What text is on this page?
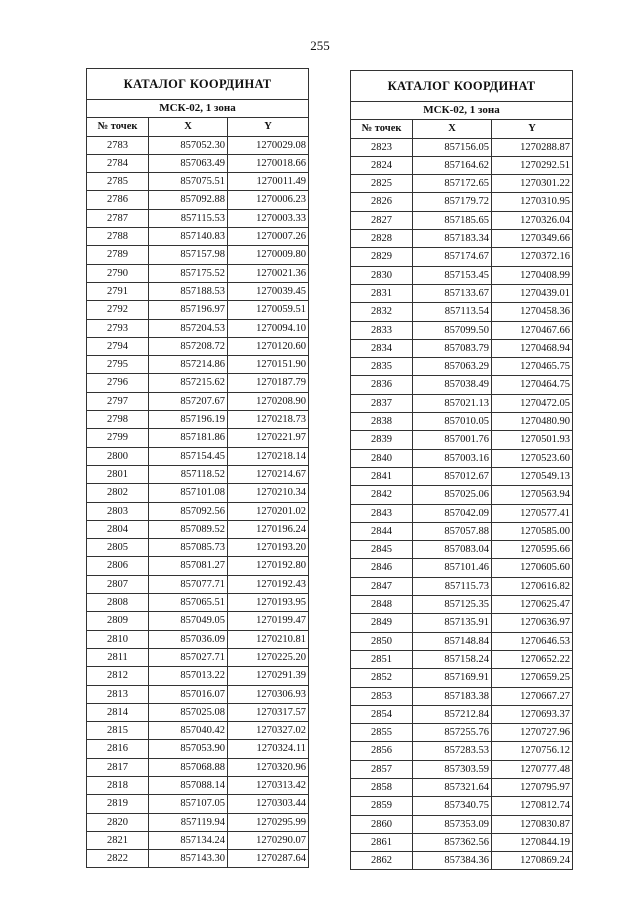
255
КАТАЛОГ КООРДИНАТ		
МСК-02, 1 зона		
№ точек	X	Y
2783	857052.30	1270029.08
2784	857063.49	1270018.66
2785	857075.51	1270011.49
2786	857092.88	1270006.23
2787	857115.53	1270003.33
2788	857140.83	1270007.26
2789	857157.98	1270009.80
2790	857175.52	1270021.36
2791	857188.53	1270039.45
2792	857196.97	1270059.51
2793	857204.53	1270094.10
2794	857208.72	1270120.60
2795	857214.86	1270151.90
2796	857215.62	1270187.79
2797	857207.67	1270208.90
2798	857196.19	1270218.73
2799	857181.86	1270221.97
2800	857154.45	1270218.14
2801	857118.52	1270214.67
2802	857101.08	1270210.34
2803	857092.56	1270201.02
2804	857089.52	1270196.24
2805	857085.73	1270193.20
2806	857081.27	1270192.80
2807	857077.71	1270192.43
2808	857065.51	1270193.95
2809	857049.05	1270199.47
2810	857036.09	1270210.81
2811	857027.71	1270225.20
2812	857013.22	1270291.39
2813	857016.07	1270306.93
2814	857025.08	1270317.57
2815	857040.42	1270327.02
2816	857053.90	1270324.11
2817	857068.88	1270320.96
2818	857088.14	1270313.42
2819	857107.05	1270303.44
2820	857119.94	1270295.99
2821	857134.24	1270290.07
2822	857143.30	1270287.64
КАТАЛОГ КООРДИНАТ		
МСК-02, 1 зона		
№ точек	X	Y
2823	857156.05	1270288.87
2824	857164.62	1270292.51
2825	857172.65	1270301.22
2826	857179.72	1270310.95
2827	857185.65	1270326.04
2828	857183.34	1270349.66
2829	857174.67	1270372.16
2830	857153.45	1270408.99
2831	857133.67	1270439.01
2832	857113.54	1270458.36
2833	857099.50	1270467.66
2834	857083.79	1270468.94
2835	857063.29	1270465.75
2836	857038.49	1270464.75
2837	857021.13	1270472.05
2838	857010.05	1270480.90
2839	857001.76	1270501.93
2840	857003.16	1270523.60
2841	857012.67	1270549.13
2842	857025.06	1270563.94
2843	857042.09	1270577.41
2844	857057.88	1270585.00
2845	857083.04	1270595.66
2846	857101.46	1270605.60
2847	857115.73	1270616.82
2848	857125.35	1270625.47
2849	857135.91	1270636.97
2850	857148.84	1270646.53
2851	857158.24	1270652.22
2852	857169.91	1270659.25
2853	857183.38	1270667.27
2854	857212.84	1270693.37
2855	857255.76	1270727.96
2856	857283.53	1270756.12
2857	857303.59	1270777.48
2858	857321.64	1270795.97
2859	857340.75	1270812.74
2860	857353.09	1270830.87
2861	857362.56	1270844.19
2862	857384.36	1270869.24
